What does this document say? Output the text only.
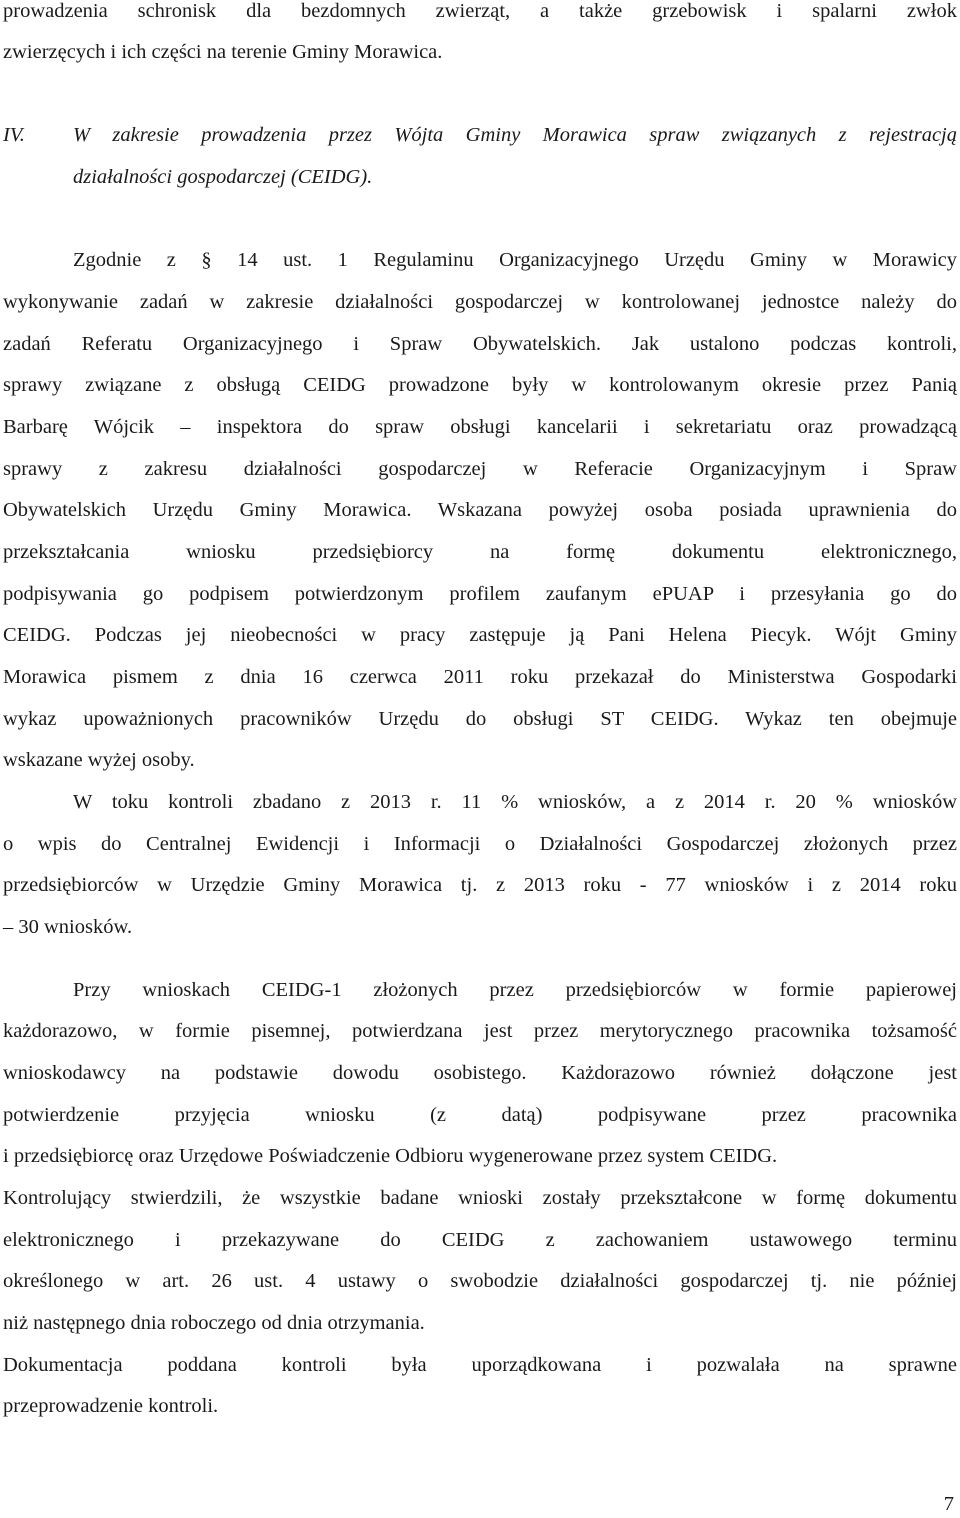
prowadzenia schronisk dla bezdomnych zwierząt, a także grzebowisk i spalarni zwłok
zwierzęcych i ich części na terenie Gminy Morawica.
IV. W zakresie prowadzenia przez Wójta Gminy Morawica spraw związanych z rejestracją
działalności gospodarczej (CEIDG).
Zgodnie z § 14 ust. 1 Regulaminu Organizacyjnego Urzędu Gminy w Morawicy
wykonywanie zadań w zakresie działalności gospodarczej w kontrolowanej jednostce należy do
zadań Referatu Organizacyjnego i Spraw Obywatelskich. Jak ustalono podczas kontroli,
sprawy związane z obsługą CEIDG prowadzone były w kontrolowanym okresie przez Panią
Barbarę Wójcik – inspektora do spraw obsługi kancelarii i sekretariatu oraz prowadzącą
sprawy z zakresu działalności gospodarczej w Referacie Organizacyjnym i Spraw
Obywatelskich Urzędu Gminy Morawica. Wskazana powyżej osoba posiada uprawnienia do
przekształcania wniosku przedsiębiorcy na formę dokumentu elektronicznego,
podpisywania go podpisem potwierdzonym profilem zaufanym ePUAP i przesyłania go do
CEIDG. Podczas jej nieobecności w pracy zastępuje ją Pani Helena Piecyk. Wójt Gminy
Morawica pismem z dnia 16 czerwca 2011 roku przekazał do Ministerstwa Gospodarki
wykaz upoważnionych pracowników Urzędu do obsługi ST CEIDG. Wykaz ten obejmuje
wskazane wyżej osoby.
W toku kontroli zbadano z 2013 r. 11 % wniosków, a z 2014 r. 20 % wniosków
o wpis do Centralnej Ewidencji i Informacji o Działalności Gospodarczej złożonych przez
przedsiębiorców w Urzędzie Gminy Morawica tj. z 2013 roku - 77 wniosków i z 2014 roku
– 30 wniosków.
Przy wnioskach CEIDG-1 złożonych przez przedsiębiorców w formie papierowej
każdorazowo, w formie pisemnej, potwierdzana jest przez merytorycznego pracownika tożsamość
wnioskodawcy na podstawie dowodu osobistego. Każdorazowo również dołączone jest
potwierdzenie przyjęcia wniosku (z datą) podpisywane przez pracownika
i przedsiębiorcę oraz Urzędowe Poświadczenie Odbioru wygenerowane przez system CEIDG.
Kontrolujący stwierdzili, że wszystkie badane wnioski zostały przekształcone w formę dokumentu
elektronicznego i przekazywane do CEIDG z zachowaniem ustawowego terminu
określonego w art. 26 ust. 4 ustawy o swobodzie działalności gospodarczej tj. nie później
niż następnego dnia roboczego od dnia otrzymania.
Dokumentacja poddana kontroli była uporządkowana i pozwalała na sprawne
przeprowadzenie kontroli.
7
